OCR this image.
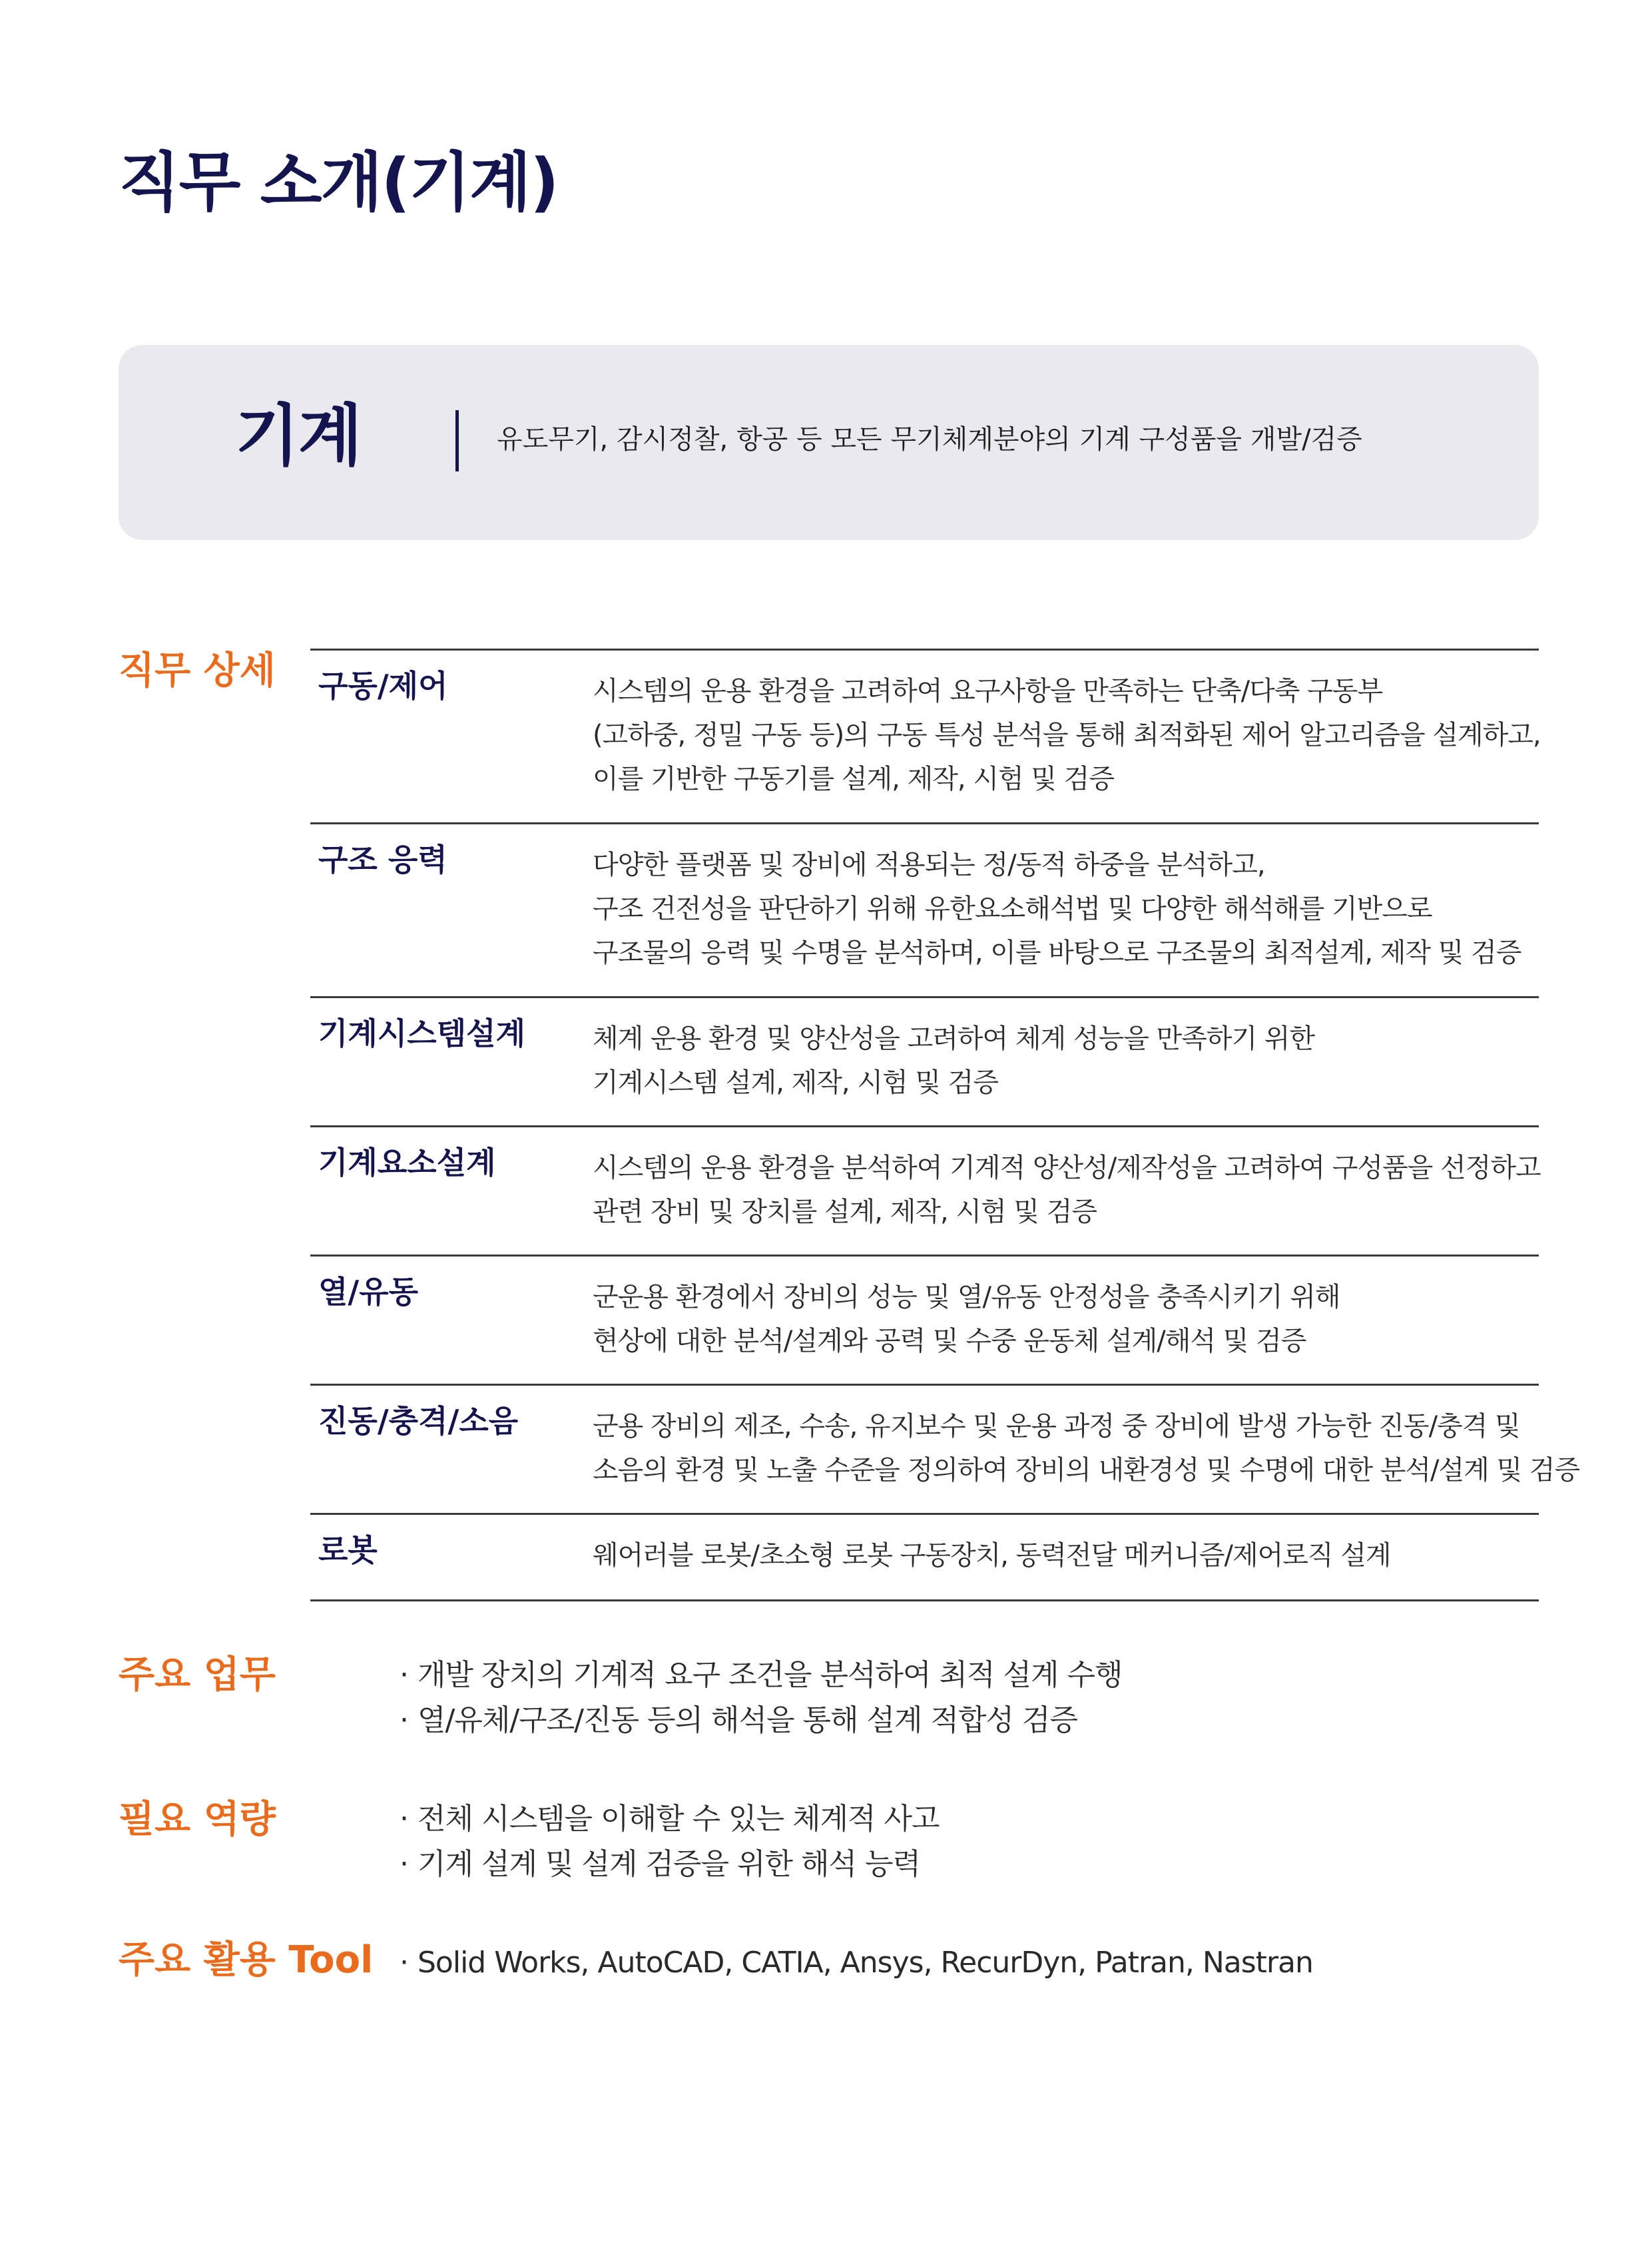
직무 소개(기계)
기계	유도무기, 감시정찰, 항공 등 모든 무기체계분야의 기계 구성품을 개발/검증
직무 상세 구동/제어	시스템의 운용 환경을 고려하여 요구사항을 만족하는 단축/다축 구동부
(고하중, 정밀 구동 등)의 구동 특성 분석을 통해 최적화된 제어 알고리즘을 설계하고,
이를 기반한 구동기를 설계, 제작, 시험 및 검증
구조 응력	다양한 플랫폼 및 장비에 적용되는 정/동적 하중을 분석하고,
구조 건전성을 판단하기 위해 유한요소해석법 및 다양한 해석해를 기반으로
구조물의 응력 및 수명을 분석하며, 이를 바탕으로 구조물의 최적설계, 제작 및 검증
기계시스템설계	체계 운용 환경 및 양산성을 고려하여 체계 성능을 만족하기 위한
기계시스템 설계, 제작, 시험 및 검증
기계요소설계	시스템의 운용 환경을 분석하여 기계적 양산성/제작성을 고려하여 구성품을 선정하고
관련 장비 및 장치를 설계, 제작, 시험 및 검증
열/유동	군운용 환경에서 장비의 성능 및 열/유동 안정성을 충족시키기 위해
현상에 대한 분석/설계와 공력 및 수중 운동체 설계/해석 및 검증
진동/충격/소음	군용 장비의 제조, 수송, 유지보수 및 운용 과정 중 장비에 발생 가능한 진동/충격 및
소음의 환경 및 노출 수준을 정의하여 장비의 내환경성 및 수명에 대한 분석/설계 및 검증
로봇	웨어러블 로봇/초소형 로봇 구동장치, 동력전달 메커니즘/제어로직 설계
주요 업무	· 개발 장치의 기계적 요구 조건을 분석하여 최적 설계 수행
· 열/유체/구조/진동 등의 해석을 통해 설계 적합성 검증
필요 역량	· 전체 시스템을 이해할 수 있는 체계적 사고
· 기계 설계 및 설계 검증을 위한 해석 능력
주요 활용 Tool · Solid Works, AutoCAD, CATIA, Ansys, RecurDyn, Patran, Nastran
